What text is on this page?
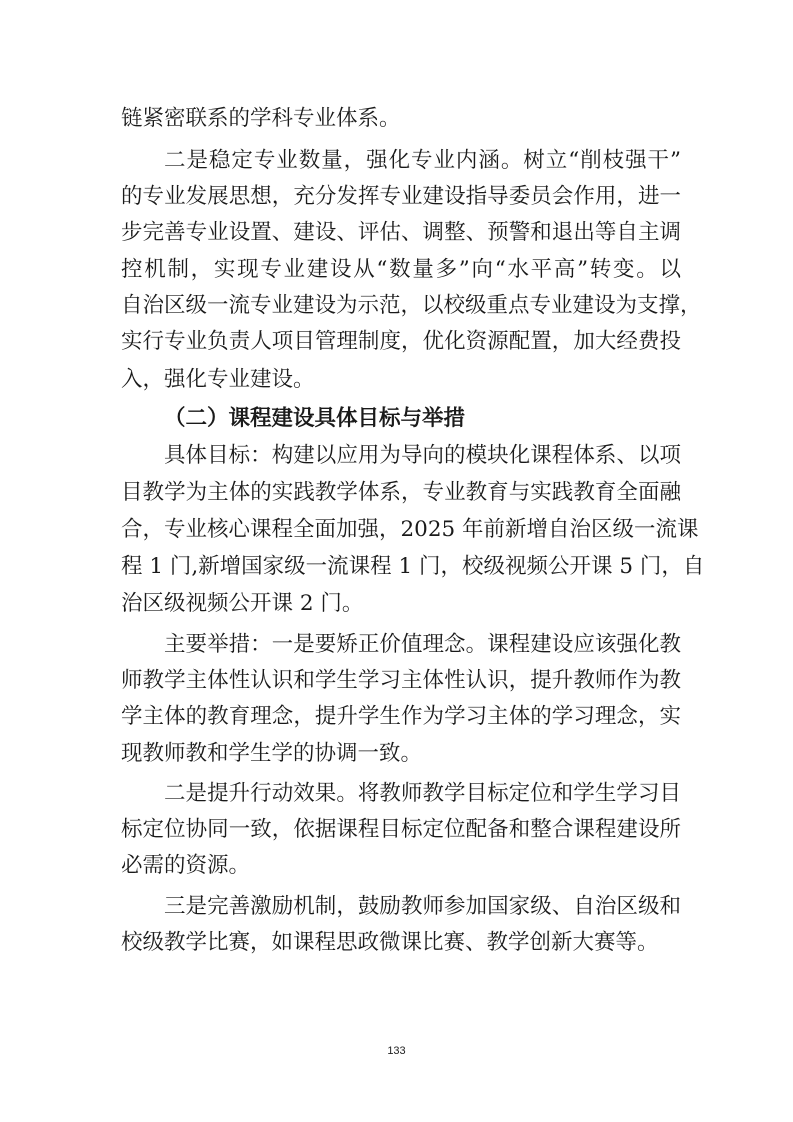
链紧密联系的学科专业体系。
二是稳定专业数量，强化专业内涵。树立“削枝强干”
的专业发展思想，充分发挥专业建设指导委员会作用，进一
步完善专业设置、建设、评估、调整、预警和退出等自主调
控机制，实现专业建设从“数量多”向“水平高”转变。以
自治区级一流专业建设为示范，以校级重点专业建设为支撑，
实行专业负责人项目管理制度，优化资源配置，加大经费投
入，强化专业建设。
（二）课程建设具体目标与举措
具体目标：构建以应用为导向的模块化课程体系、以项
目教学为主体的实践教学体系，专业教育与实践教育全面融
合，专业核心课程全面加强，2025 年前新增自治区级一流课
程 1 门,新增国家级一流课程 1 门，校级视频公开课 5 门，自
治区级视频公开课 2 门。
主要举措：一是要矫正价值理念。课程建设应该强化教
师教学主体性认识和学生学习主体性认识，提升教师作为教
学主体的教育理念，提升学生作为学习主体的学习理念，实
现教师教和学生学的协调一致。
二是提升行动效果。将教师教学目标定位和学生学习目
标定位协同一致，依据课程目标定位配备和整合课程建设所
必需的资源。
三是完善激励机制，鼓励教师参加国家级、自治区级和
校级教学比赛，如课程思政微课比赛、教学创新大赛等。
133
